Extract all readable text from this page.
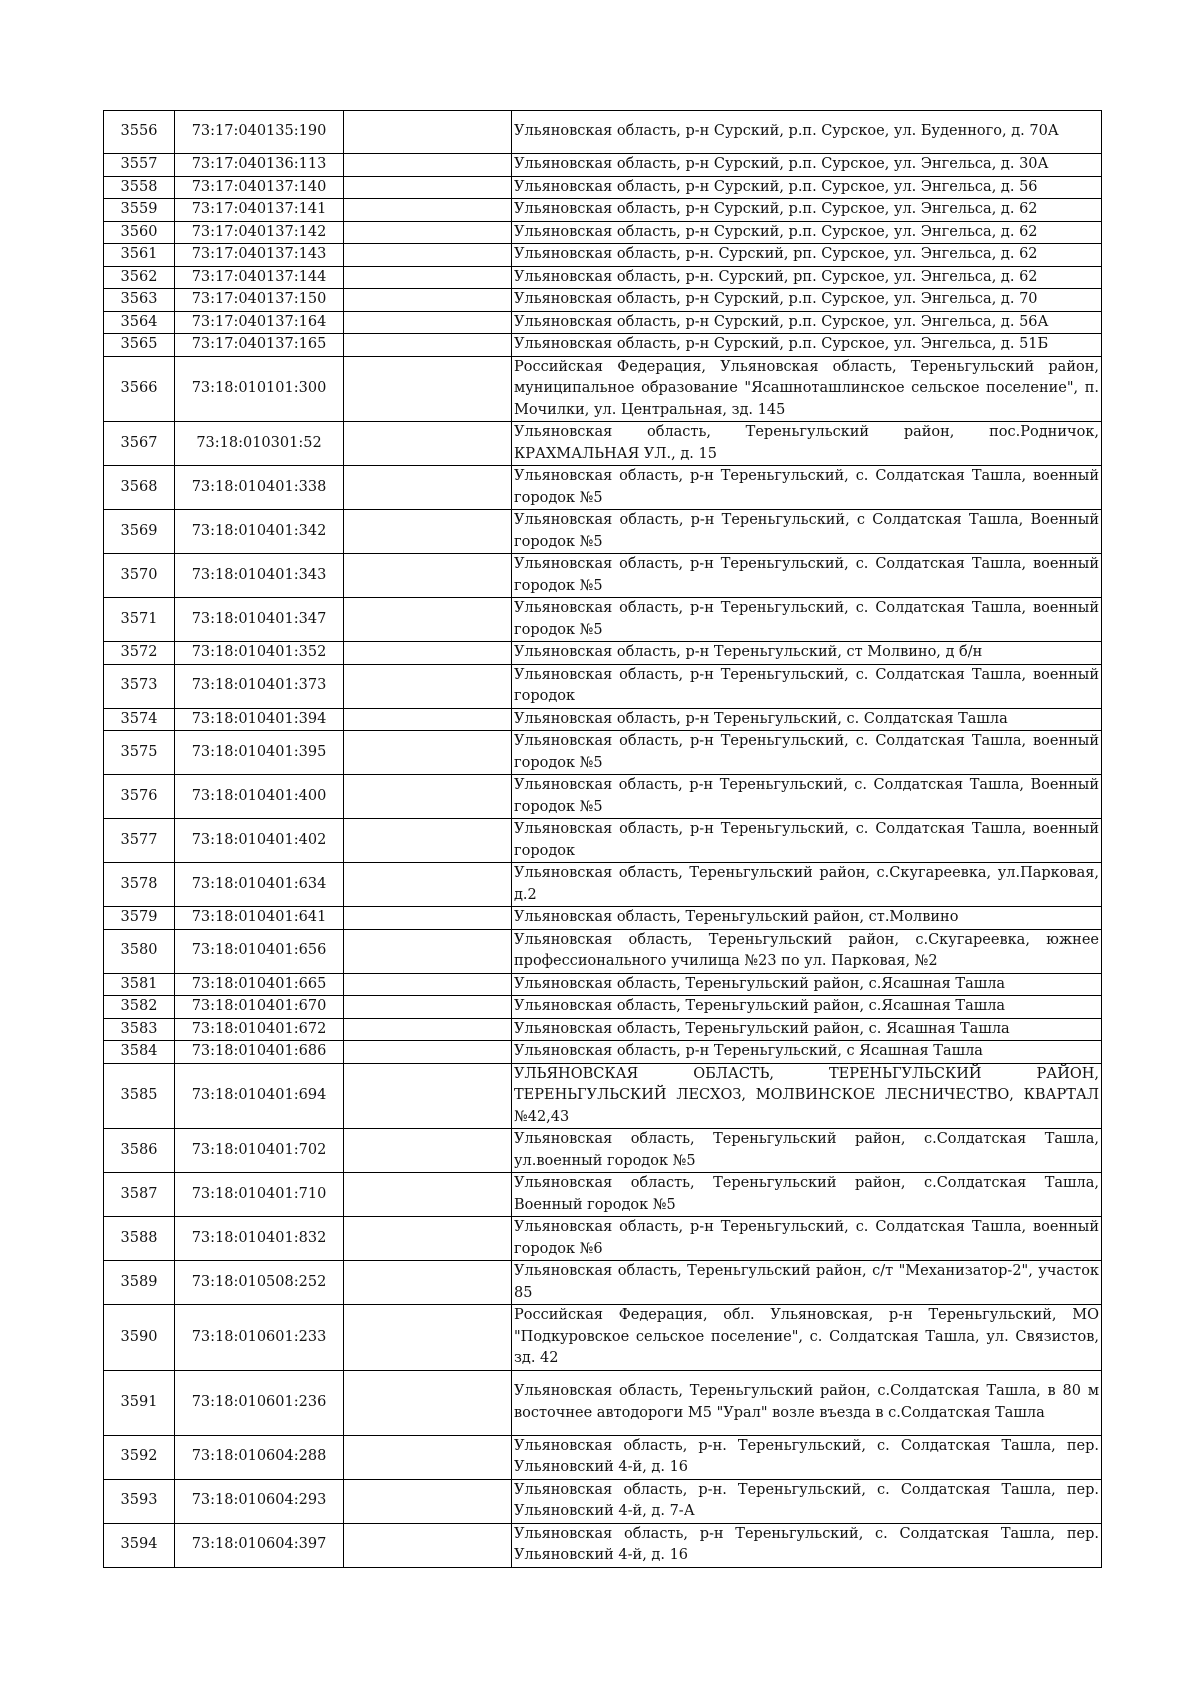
3556	73:17:040135:190		Ульяновская область, р-н Сурский, р.п. Сурское, ул. Буденного, д. 70А
3557	73:17:040136:113		Ульяновская область, р-н Сурский, р.п. Сурское, ул. Энгельса, д. 30А
3558	73:17:040137:140		Ульяновская область, р-н Сурский, р.п. Сурское, ул. Энгельса, д. 56
3559	73:17:040137:141		Ульяновская область, р-н Сурский, р.п. Сурское, ул. Энгельса, д. 62
3560	73:17:040137:142		Ульяновская область, р-н Сурский, р.п. Сурское, ул. Энгельса, д. 62
3561	73:17:040137:143		Ульяновская область, р-н. Сурский, рп. Сурское, ул. Энгельса, д. 62
3562	73:17:040137:144		Ульяновская область, р-н. Сурский, рп. Сурское, ул. Энгельса, д. 62
3563	73:17:040137:150		Ульяновская область, р-н Сурский, р.п. Сурское, ул. Энгельса, д. 70
3564	73:17:040137:164		Ульяновская область, р-н Сурский, р.п. Сурское, ул. Энгельса, д. 56А
3565	73:17:040137:165		Ульяновская область, р-н Сурский, р.п. Сурское, ул. Энгельса, д. 51Б
3566	73:18:010101:300		Российская Федерация, Ульяновская область, Тереньгульский район, муниципальное образование "Ясашноташлинское сельское поселение", п. Мочилки, ул. Центральная, зд. 145
3567	73:18:010301:52		Ульяновская область, Тереньгульский район, пос.Родничок, КРАХМАЛЬНАЯ УЛ., д. 15
3568	73:18:010401:338		Ульяновская область, р-н Тереньгульский, с. Солдатская Ташла, военный городок №5
3569	73:18:010401:342		Ульяновская область, р-н Тереньгульский, с Солдатская Ташла, Военный городок №5
3570	73:18:010401:343		Ульяновская область, р-н Тереньгульский, с. Солдатская Ташла, военный городок №5
3571	73:18:010401:347		Ульяновская область, р-н Тереньгульский, с. Солдатская Ташла, военный городок №5
3572	73:18:010401:352		Ульяновская область, р-н Тереньгульский, ст Молвино, д б/н
3573	73:18:010401:373		Ульяновская область, р-н Тереньгульский, с. Солдатская Ташла, военный городок
3574	73:18:010401:394		Ульяновская область, р-н Тереньгульский, с. Солдатская Ташла
3575	73:18:010401:395		Ульяновская область, р-н Тереньгульский, с. Солдатская Ташла, военный городок №5
3576	73:18:010401:400		Ульяновская область, р-н Тереньгульский, с. Солдатская Ташла, Военный городок №5
3577	73:18:010401:402		Ульяновская область, р-н Тереньгульский, с. Солдатская Ташла, военный городок
3578	73:18:010401:634		Ульяновская область, Тереньгульский район, с.Скугареевка, ул.Парковая, д.2
3579	73:18:010401:641		Ульяновская область, Тереньгульский район, ст.Молвино
3580	73:18:010401:656		Ульяновская область, Тереньгульский район, с.Скугареевка, южнее профессионального училища №23 по ул. Парковая, №2
3581	73:18:010401:665		Ульяновская область, Тереньгульский район, с.Ясашная Ташла
3582	73:18:010401:670		Ульяновская область, Тереньгульский район, с.Ясашная Ташла
3583	73:18:010401:672		Ульяновская область, Тереньгульский район, с. Ясашная Ташла
3584	73:18:010401:686		Ульяновская область, р-н Тереньгульский, с Ясашная Ташла
3585	73:18:010401:694		УЛЬЯНОВСКАЯ ОБЛАСТЬ, ТЕРЕНЬГУЛЬСКИЙ РАЙОН, ТЕРЕНЬГУЛЬСКИЙ ЛЕСХОЗ, МОЛВИНСКОЕ ЛЕСНИЧЕСТВО, КВАРТАЛ №42,43
3586	73:18:010401:702		Ульяновская область, Тереньгульский район, с.Солдатская Ташла, ул.военный городок №5
3587	73:18:010401:710		Ульяновская область, Тереньгульский район, с.Солдатская Ташла, Военный городок №5
3588	73:18:010401:832		Ульяновская область, р-н Тереньгульский, с. Солдатская Ташла, военный городок №6
3589	73:18:010508:252		Ульяновская область, Тереньгульский район, с/т "Механизатор-2", участок 85
3590	73:18:010601:233		Российская Федерация, обл. Ульяновская, р-н Тереньгульский, МО "Подкуровское сельское поселение", с. Солдатская Ташла, ул. Связистов, зд. 42
3591	73:18:010601:236		Ульяновская область, Тереньгульский район, с.Солдатская Ташла, в 80 м восточнее автодороги М5 "Урал" возле въезда в с.Солдатская Ташла
3592	73:18:010604:288		Ульяновская область, р-н. Тереньгульский, с. Солдатская Ташла, пер. Ульяновский 4-й, д. 16
3593	73:18:010604:293		Ульяновская область, р-н. Тереньгульский, с. Солдатская Ташла, пер. Ульяновский 4-й, д. 7-А
3594	73:18:010604:397		Ульяновская область, р-н Тереньгульский, с. Солдатская Ташла, пер. Ульяновский 4-й, д. 16
